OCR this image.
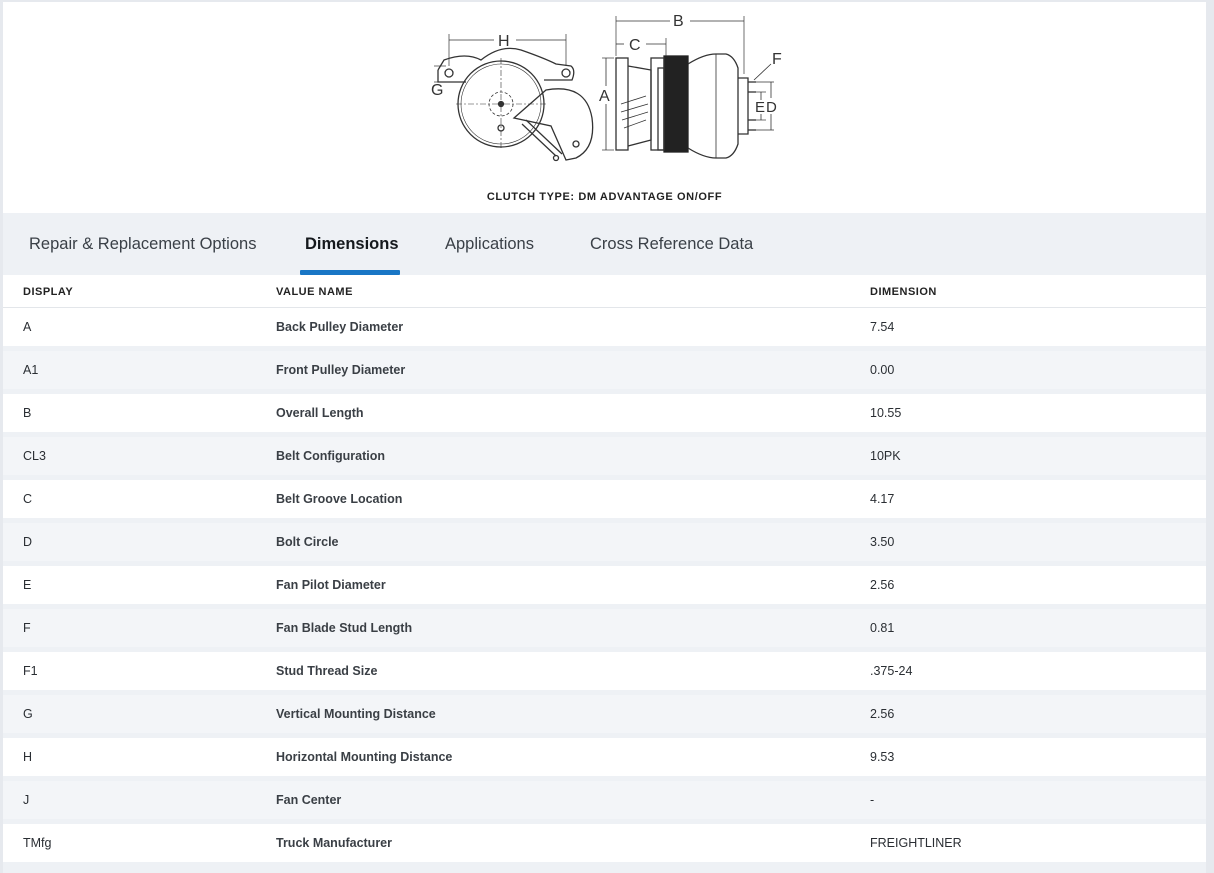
H
G
B
C
A
F
E D
CLUTCH TYPE: DM ADVANTAGE ON/OFF
Repair & Replacement Options	Dimensions	Applications	Cross Reference Data
DISPLAY	VALUE NAME	DIMENSION
A	Back Pulley Diameter	7.54
A1	Front Pulley Diameter	0.00
B	Overall Length	10.55
CL3	Belt Configuration	10PK
C	Belt Groove Location	4.17
D	Bolt Circle	3.50
E	Fan Pilot Diameter	2.56
F	Fan Blade Stud Length	0.81
F1	Stud Thread Size	.375-24
G	Vertical Mounting Distance	2.56
H	Horizontal Mounting Distance	9.53
J	Fan Center	-
TMfg	Truck Manufacturer	FREIGHTLINER
